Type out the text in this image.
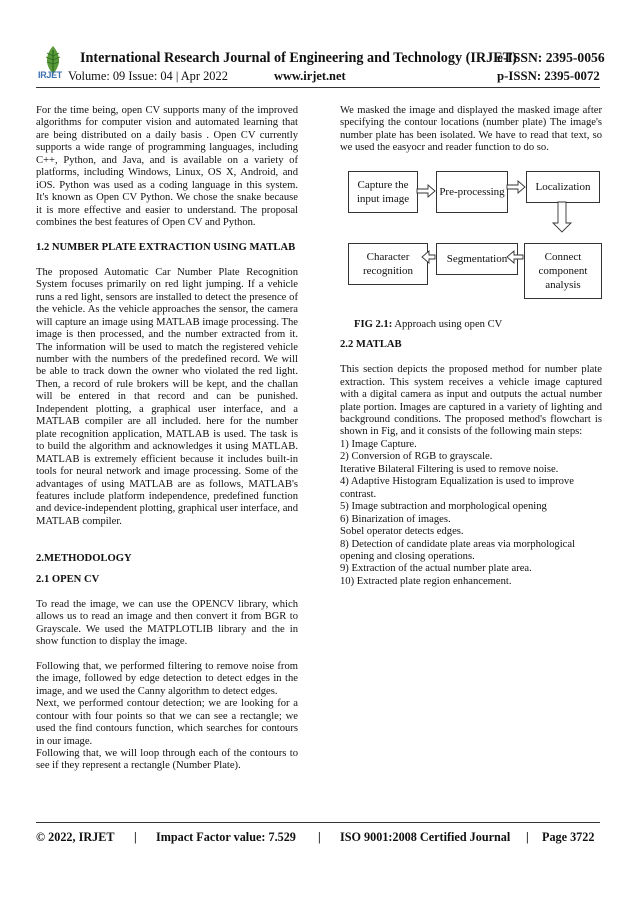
IRJET
International Research Journal of Engineering and Technology (IRJET)
e-ISSN: 2395-0056
Volume: 09 Issue: 04 | Apr 2022	www.irjet.net	p-ISSN: 2395-0072

For the time being, open CV supports many of the improved algorithms for computer vision and automated learning that are being distributed on a daily basis . Open CV currently supports a wide range of programming languages, including C++, Python, and Java, and is available on a variety of platforms, including Windows, Linux, OS X, Android, and iOS. Python was used as a coding language in this system. It's known as Open CV Python. We chose the snake because it is more effective and easier to understand. The proposal combines the best features of Open CV and Python.

1.2 NUMBER PLATE EXTRACTION USING MATLAB

The proposed Automatic Car Number Plate Recognition System focuses primarily on red light jumping. If a vehicle runs a red light, sensors are installed to detect the presence of the vehicle. As the vehicle approaches the sensor, the camera will capture an image using MATLAB image processing. The image is then processed, and the number extracted from it. The information will be used to match the registered vehicle number with the numbers of the predefined record. We will be able to track down the owner who violated the red light. Then, a record of rule brokers will be kept, and the challan will be entered in that record and can be punished. Independent plotting, a graphical user interface, and a MATLAB compiler are all included. here for the number plate recognition application, MATLAB is used. The task is to build the algorithm and acknowledges it using MATLAB. MATLAB is extremely efficient because it includes built-in tools for neural network and image processing. Some of the advantages of using MATLAB are as follows, MATLAB's features include platform independence, predefined function and device-independent plotting, graphical user interface, and MATLAB compiler.

2.METHODOLOGY
2.1 OPEN CV

To read the image, we can use the OPENCV library, which allows us to read an image and then convert it from BGR to Grayscale. We used the MATPLOTLIB library and the in show function to display the image.

Following that, we performed filtering to remove noise from the image, followed by edge detection to detect edges in the image, and we used the Canny algorithm to detect edges.

Next, we performed contour detection; we are looking for a contour with four points so that we can see a rectangle; we used the find contours function, which searches for contours in our image.

Following that, we will loop through each of the contours to see if they represent a rectangle (Number Plate).

We masked the image and displayed the masked image after specifying the contour locations (number plate) The image's number plate has been isolated. We have to read that text, so we used the easyocr and reader function to do so.

Capture the input image
Pre-processing	Localization
Character recognition
Segmentation	Connect component analysis
FIG 2.1: Approach using open CV
2.2 MATLAB

This section depicts the proposed method for number plate extraction. This system receives a vehicle image captured with a digital camera as input and outputs the actual number plate portion. Images are captured in a variety of lighting and background conditions. The proposed method's flowchart is shown in Fig, and it consists of the following main steps:

1) Image Capture.
2) Conversion of RGB to grayscale.
Iterative Bilateral Filtering is used to remove noise.
4) Adaptive Histogram Equalization is used to improve contrast.
5) Image subtraction and morphological opening
6) Binarization of images.
Sobel operator detects edges.
8) Detection of candidate plate areas via morphological opening and closing operations.
9) Extraction of the actual number plate area.
10) Extracted plate region enhancement.
© 2022, IRJET | Impact Factor value: 7.529 | ISO 9001:2008 Certified Journal | Page 3722
